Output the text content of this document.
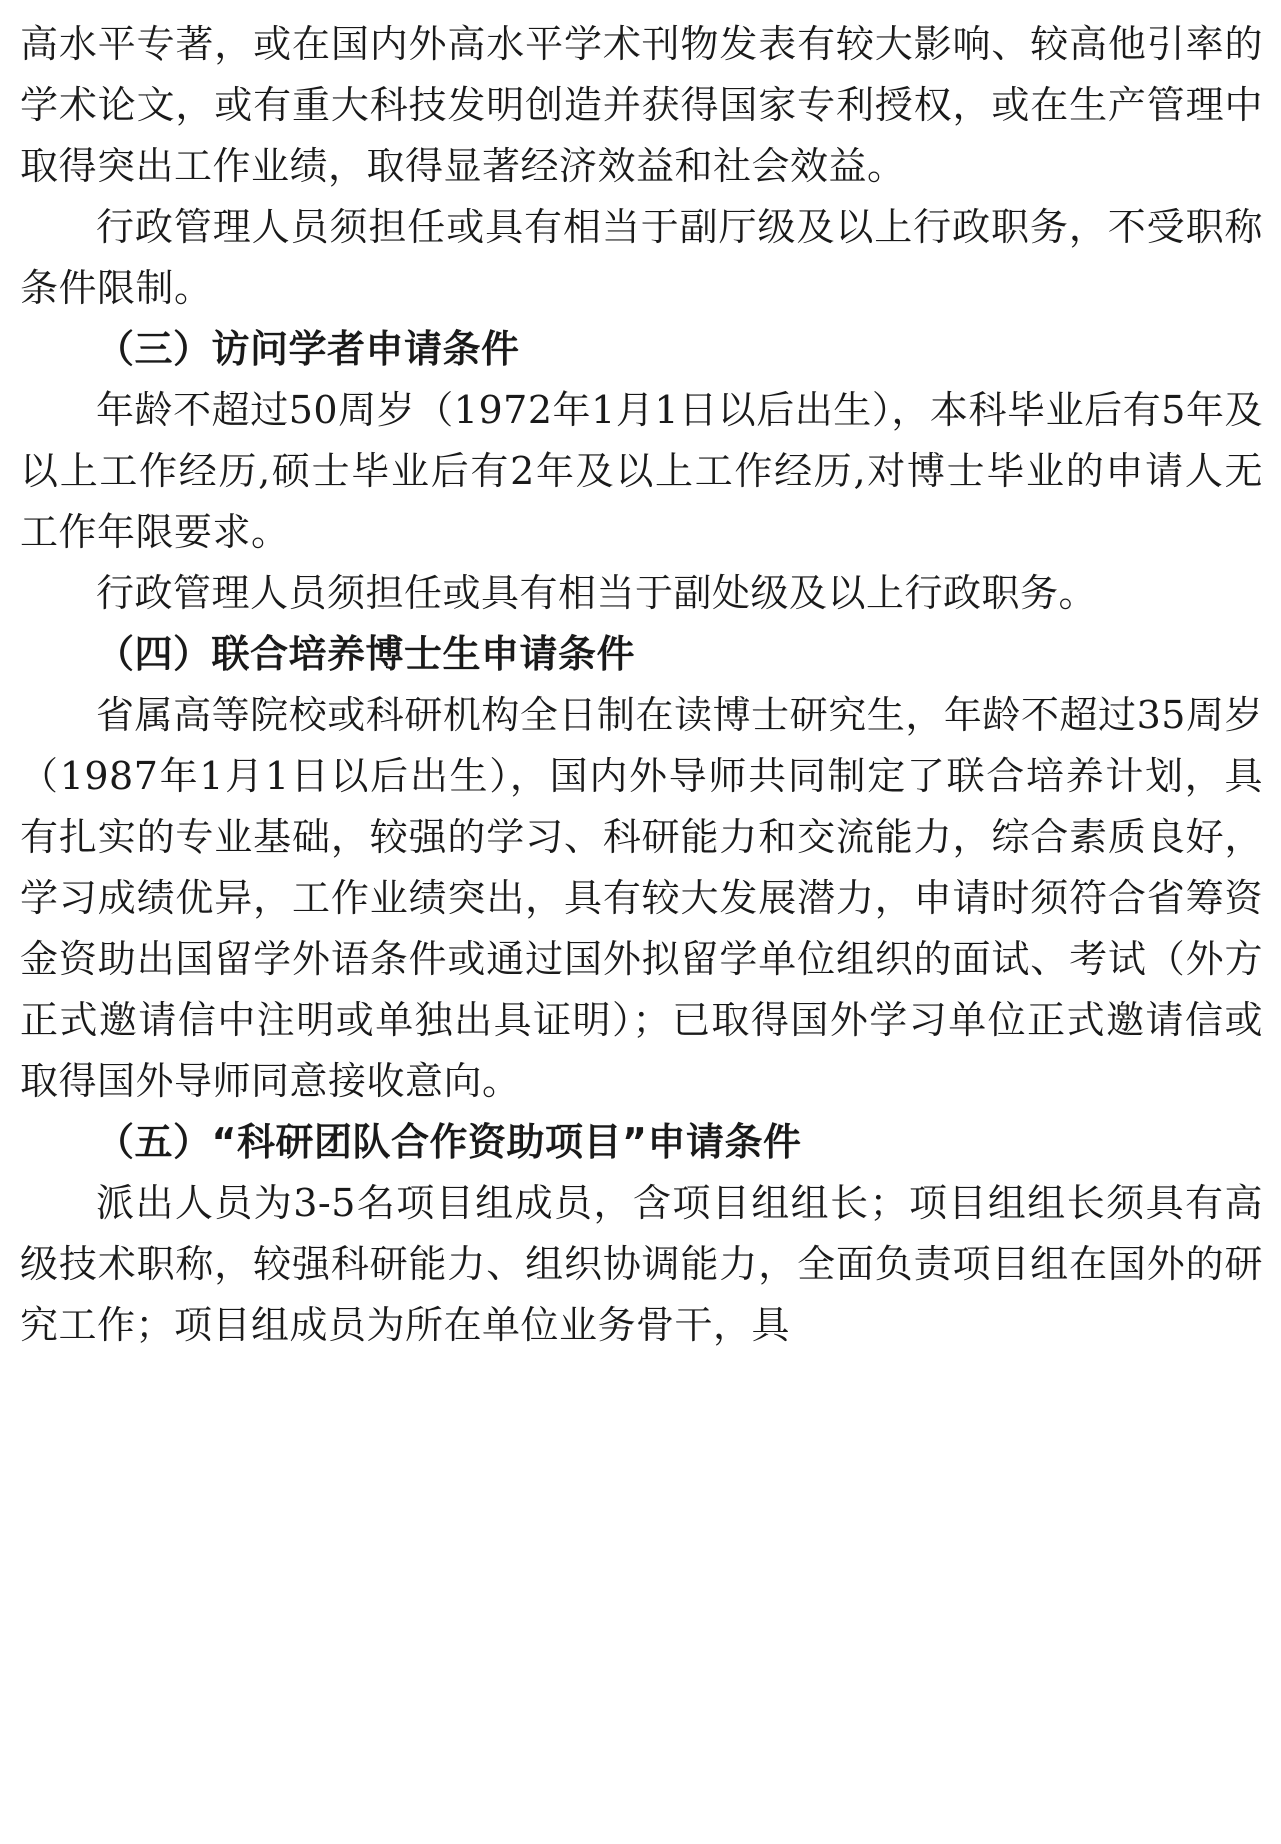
高水平专著，或在国内外高水平学术刊物发表有较大影响、较高他引率的学术论文，或有重大科技发明创造并获得国家专利授权，或在生产管理中取得突出工作业绩，取得显著经济效益和社会效益。

行政管理人员须担任或具有相当于副厅级及以上行政职务，不受职称条件限制。

（三）访问学者申请条件

年龄不超过50周岁（1972年1月1日以后出生），本科毕业后有5年及以上工作经历,硕士毕业后有2年及以上工作经历,对博士毕业的申请人无工作年限要求。

行政管理人员须担任或具有相当于副处级及以上行政职务。

（四）联合培养博士生申请条件

省属高等院校或科研机构全日制在读博士研究生，年龄不超过35周岁（1987年1月1日以后出生），国内外导师共同制定了联合培养计划，具有扎实的专业基础，较强的学习、科研能力和交流能力，综合素质良好，学习成绩优异，工作业绩突出，具有较大发展潜力，申请时须符合省筹资金资助出国留学外语条件或通过国外拟留学单位组织的面试、考试（外方正式邀请信中注明或单独出具证明）；已取得国外学习单位正式邀请信或取得国外导师同意接收意向。

（五）“科研团队合作资助项目”申请条件

派出人员为3-5名项目组成员，含项目组组长；项目组组长须具有高级技术职称，较强科研能力、组织协调能力，全面负责项目组在国外的研究工作；项目组成员为所在单位业务骨干，具
